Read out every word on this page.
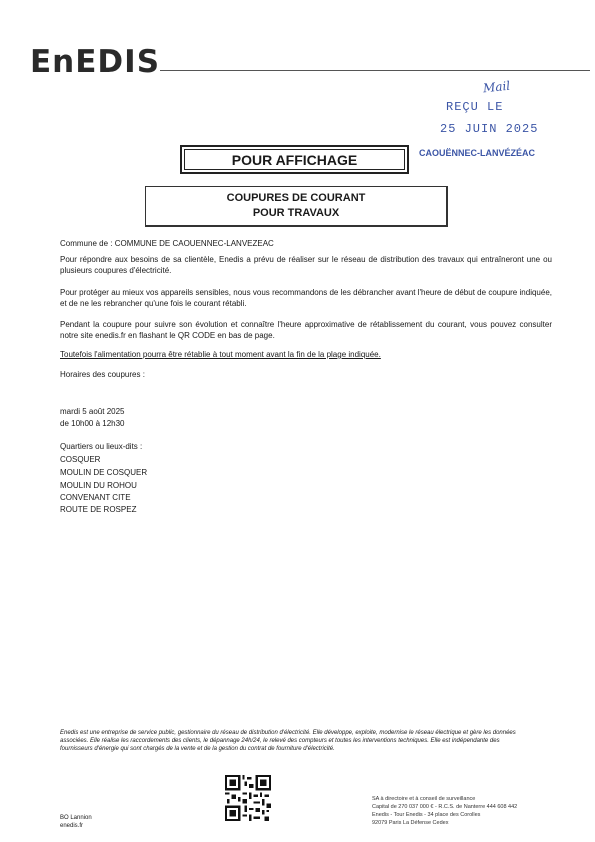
EnEDIS
Mail
REÇU LE
25 JUIN 2025
CAOUËNNEC-LANVÉZÉAC
POUR AFFICHAGE
COUPURES DE COURANT
POUR TRAVAUX
Commune de : COMMUNE DE CAOUENNEC-LANVEZEAC
Pour répondre aux besoins de sa clientèle, Enedis a prévu de réaliser sur le réseau de distribution des travaux qui entraîneront une ou plusieurs coupures d'électricité.
Pour protéger au mieux vos appareils sensibles, nous vous recommandons de les débrancher avant l'heure de début de coupure indiquée, et de ne les rebrancher qu'une fois le courant rétabli.
Pendant la coupure pour suivre son évolution et connaître l'heure approximative de rétablissement du courant, vous pouvez consulter notre site enedis.fr en flashant le QR CODE en bas de page.
Toutefois l'alimentation pourra être rétablie à tout moment avant la fin de la plage indiquée.
Horaires des coupures :
mardi 5 août 2025
de 10h00 à 12h30
Quartiers ou lieux-dits :
COSQUER
MOULIN DE COSQUER
MOULIN DU ROHOU
CONVENANT CITE
ROUTE DE ROSPEZ
Enedis est une entreprise de service public, gestionnaire du réseau de distribution d'électricité. Elle développe, exploite, modernise le réseau électrique et gère les données
associées. Elle réalise les raccordements des clients, le dépannage 24h/24, le relevé des compteurs et toutes les interventions techniques. Elle est indépendante des
fournisseurs d'énergie qui sont chargés de la vente et de la gestion du contrat de fourniture d'électricité.
BO Lannion
enedis.fr
SA à directoire et à conseil de surveillance
Capital de 270 037 000 € - R.C.S. de Nanterre 444 608 442
Enedis - Tour Enedis - 34 place des Corolles
92079 Paris La Défense Cedex
